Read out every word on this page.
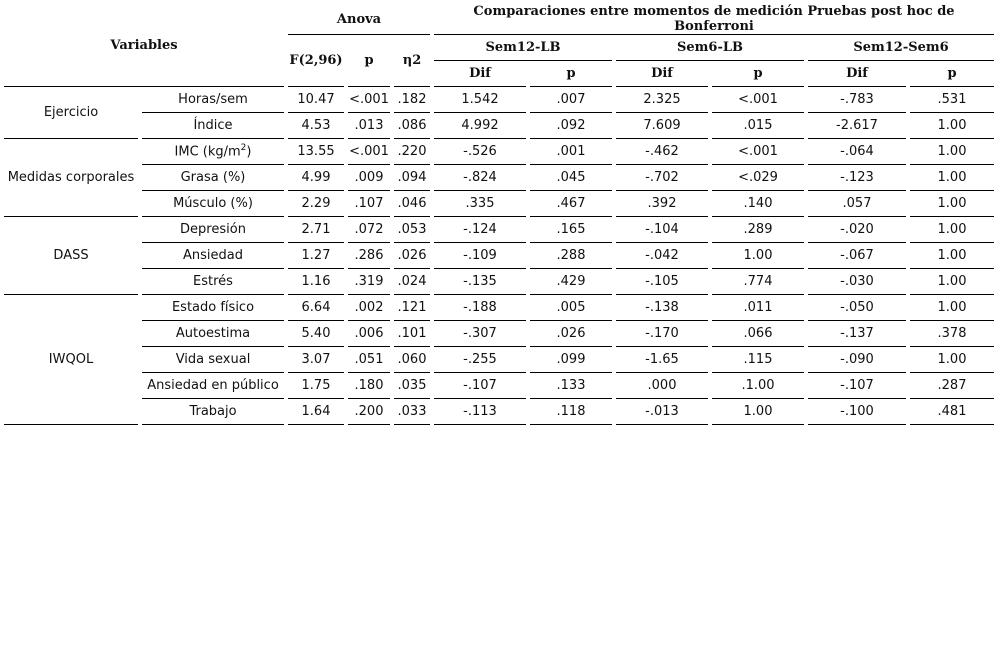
Variables				Anova						Comparaciones entre momentos de medición Pruebas post hoc de Bonferroni										
				F(2,96)		p		η2		Sem12-LB				Sem6-LB				Sem12-Sem6		
										Dif		p		Dif		p		Dif		p
Ejercicio		Horas/sem		10.47		<.001		.182		1.542		.007		2.325		<.001		-.783		.531
		Índice		4.53		.013		.086		4.992		.092		7.609		.015		-2.617		1.00
Medidas corporales		IMC $(kg/m^2)$		13.55		<.001		.220		-.526		.001		-.462		<.001		-.064		1.00
		Grasa (%)		4.99		.009		.094		-.824		.045		-.702		<.029		-.123		1.00
		Músculo (%)		2.29		.107		.046		.335		.467		.392		.140		.057		1.00
DASS		Depresión		2.71		.072		.053		-.124		.165		-.104		.289		-.020		1.00
		Ansiedad		1.27		.286		.026		-.109		.288		-.042		1.00		-.067		1.00
		Estrés		1.16		.319		.024		-.135		.429		-.105		.774		-.030		1.00
IWQOL		Estado físico		6.64		.002		.121		-.188		.005		-.138		.011		-.050		1.00
		Autoestima		5.40		.006		.101		-.307		.026		-.170		.066		-.137		.378
		Vida sexual		3.07		.051		.060		-.255		.099		-1.65		.115		-.090		1.00
		Ansiedad en público		1.75		.180		.035		-.107		.133		.000		.1.00		-.107		.287
		Trabajo		1.64		.200		.033		-.113		.118		-.013		1.00		-.100		.481
